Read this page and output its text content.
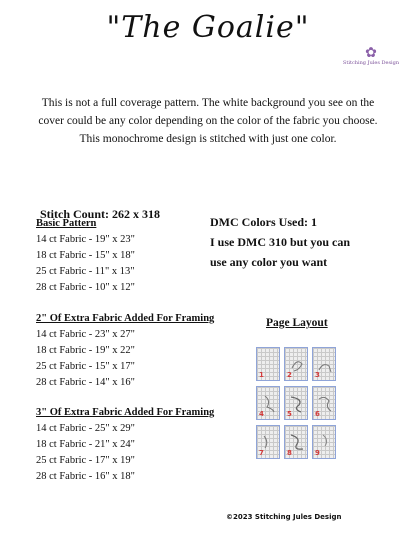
"The Goalie"
✿
Stitching Jules Design
This is not a full coverage pattern. The white background you see on the cover could be any color depending on the color of the fabric you choose. This monochrome design is stitched with just one color.
Stitch Count: 262 x 318
DMC Colors Used: 1
I use DMC 310 but you can
use any color you want
Basic Pattern
14 ct Fabric - 19" x 23"
18 ct Fabric - 15" x 18"
25 ct Fabric - 11" x 13"
28 ct Fabric - 10" x 12"
2" Of Extra Fabric Added For Framing
14 ct Fabric - 23" x 27"
18 ct Fabric - 19" x 22"
25 ct Fabric - 15" x 17"
28 ct Fabric - 14" x 16"
3" Of Extra Fabric Added For Framing
14 ct Fabric - 25" x 29"
18 ct Fabric - 21" x 24"
25 ct Fabric - 17" x 19"
28 ct Fabric - 16" x 18"
Page Layout
1	2	3
4	5	6
7	8	9
©2023 Stitching Jules Design
